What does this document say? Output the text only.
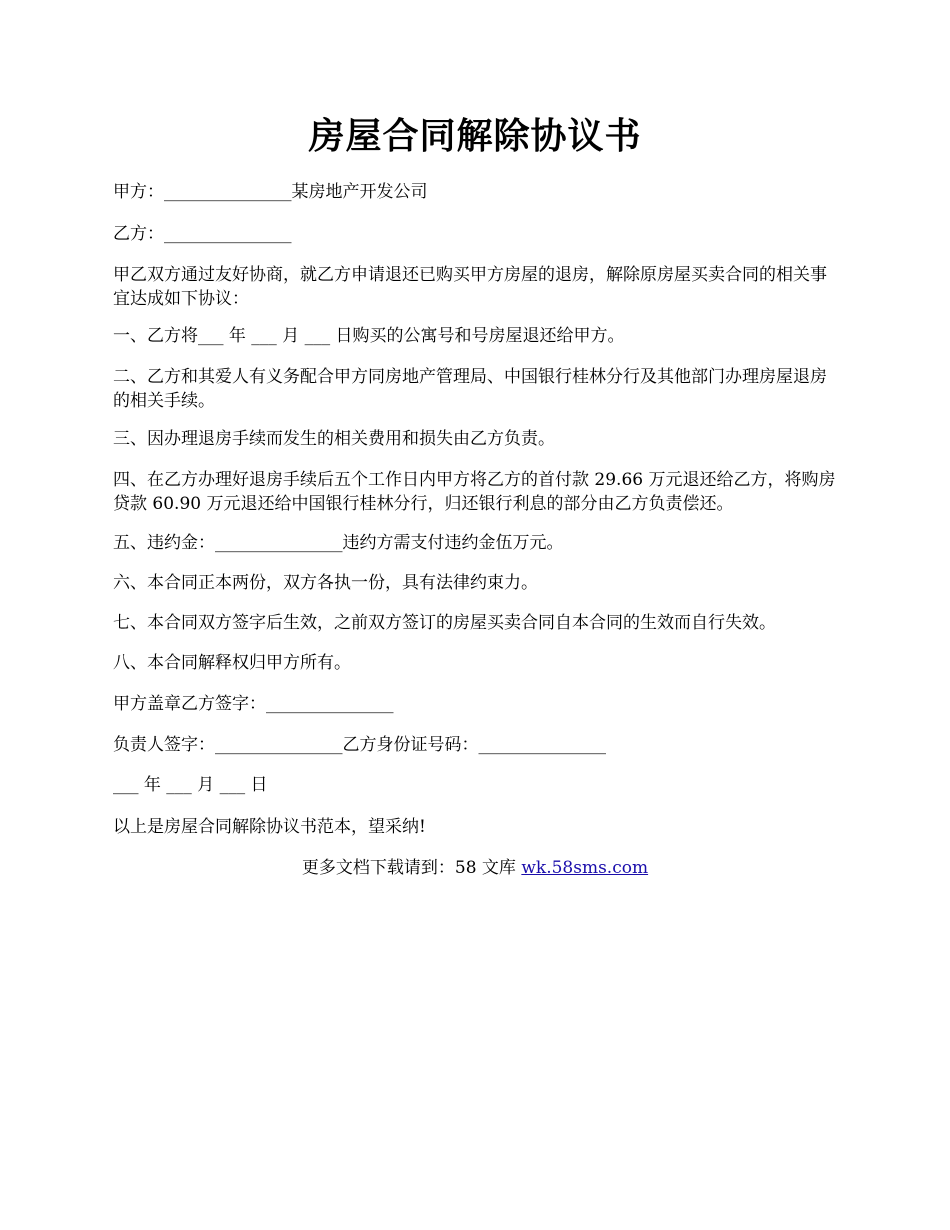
房屋合同解除协议书
甲方：_______________某房地产开发公司
乙方：_______________
甲乙双方通过友好协商，就乙方申请退还已购买甲方房屋的退房，解除原房屋买卖合同的相关事宜达成如下协议：
一、乙方将___ 年 ___ 月 ___ 日购买的公寓号和号房屋退还给甲方。
二、乙方和其爱人有义务配合甲方同房地产管理局、中国银行桂林分行及其他部门办理房屋退房的相关手续。
三、因办理退房手续而发生的相关费用和损失由乙方负责。
四、在乙方办理好退房手续后五个工作日内甲方将乙方的首付款 29.66 万元退还给乙方，将购房贷款 60.90 万元退还给中国银行桂林分行，归还银行利息的部分由乙方负责偿还。
五、违约金：_______________违约方需支付违约金伍万元。
六、本合同正本两份，双方各执一份，具有法律约束力。
七、本合同双方签字后生效，之前双方签订的房屋买卖合同自本合同的生效而自行失效。
八、本合同解释权归甲方所有。
甲方盖章乙方签字：_______________
负责人签字：_______________乙方身份证号码：_______________
___ 年 ___ 月 ___ 日
以上是房屋合同解除协议书范本，望采纳!
更多文档下载请到：58 文库 wk.58sms.com
